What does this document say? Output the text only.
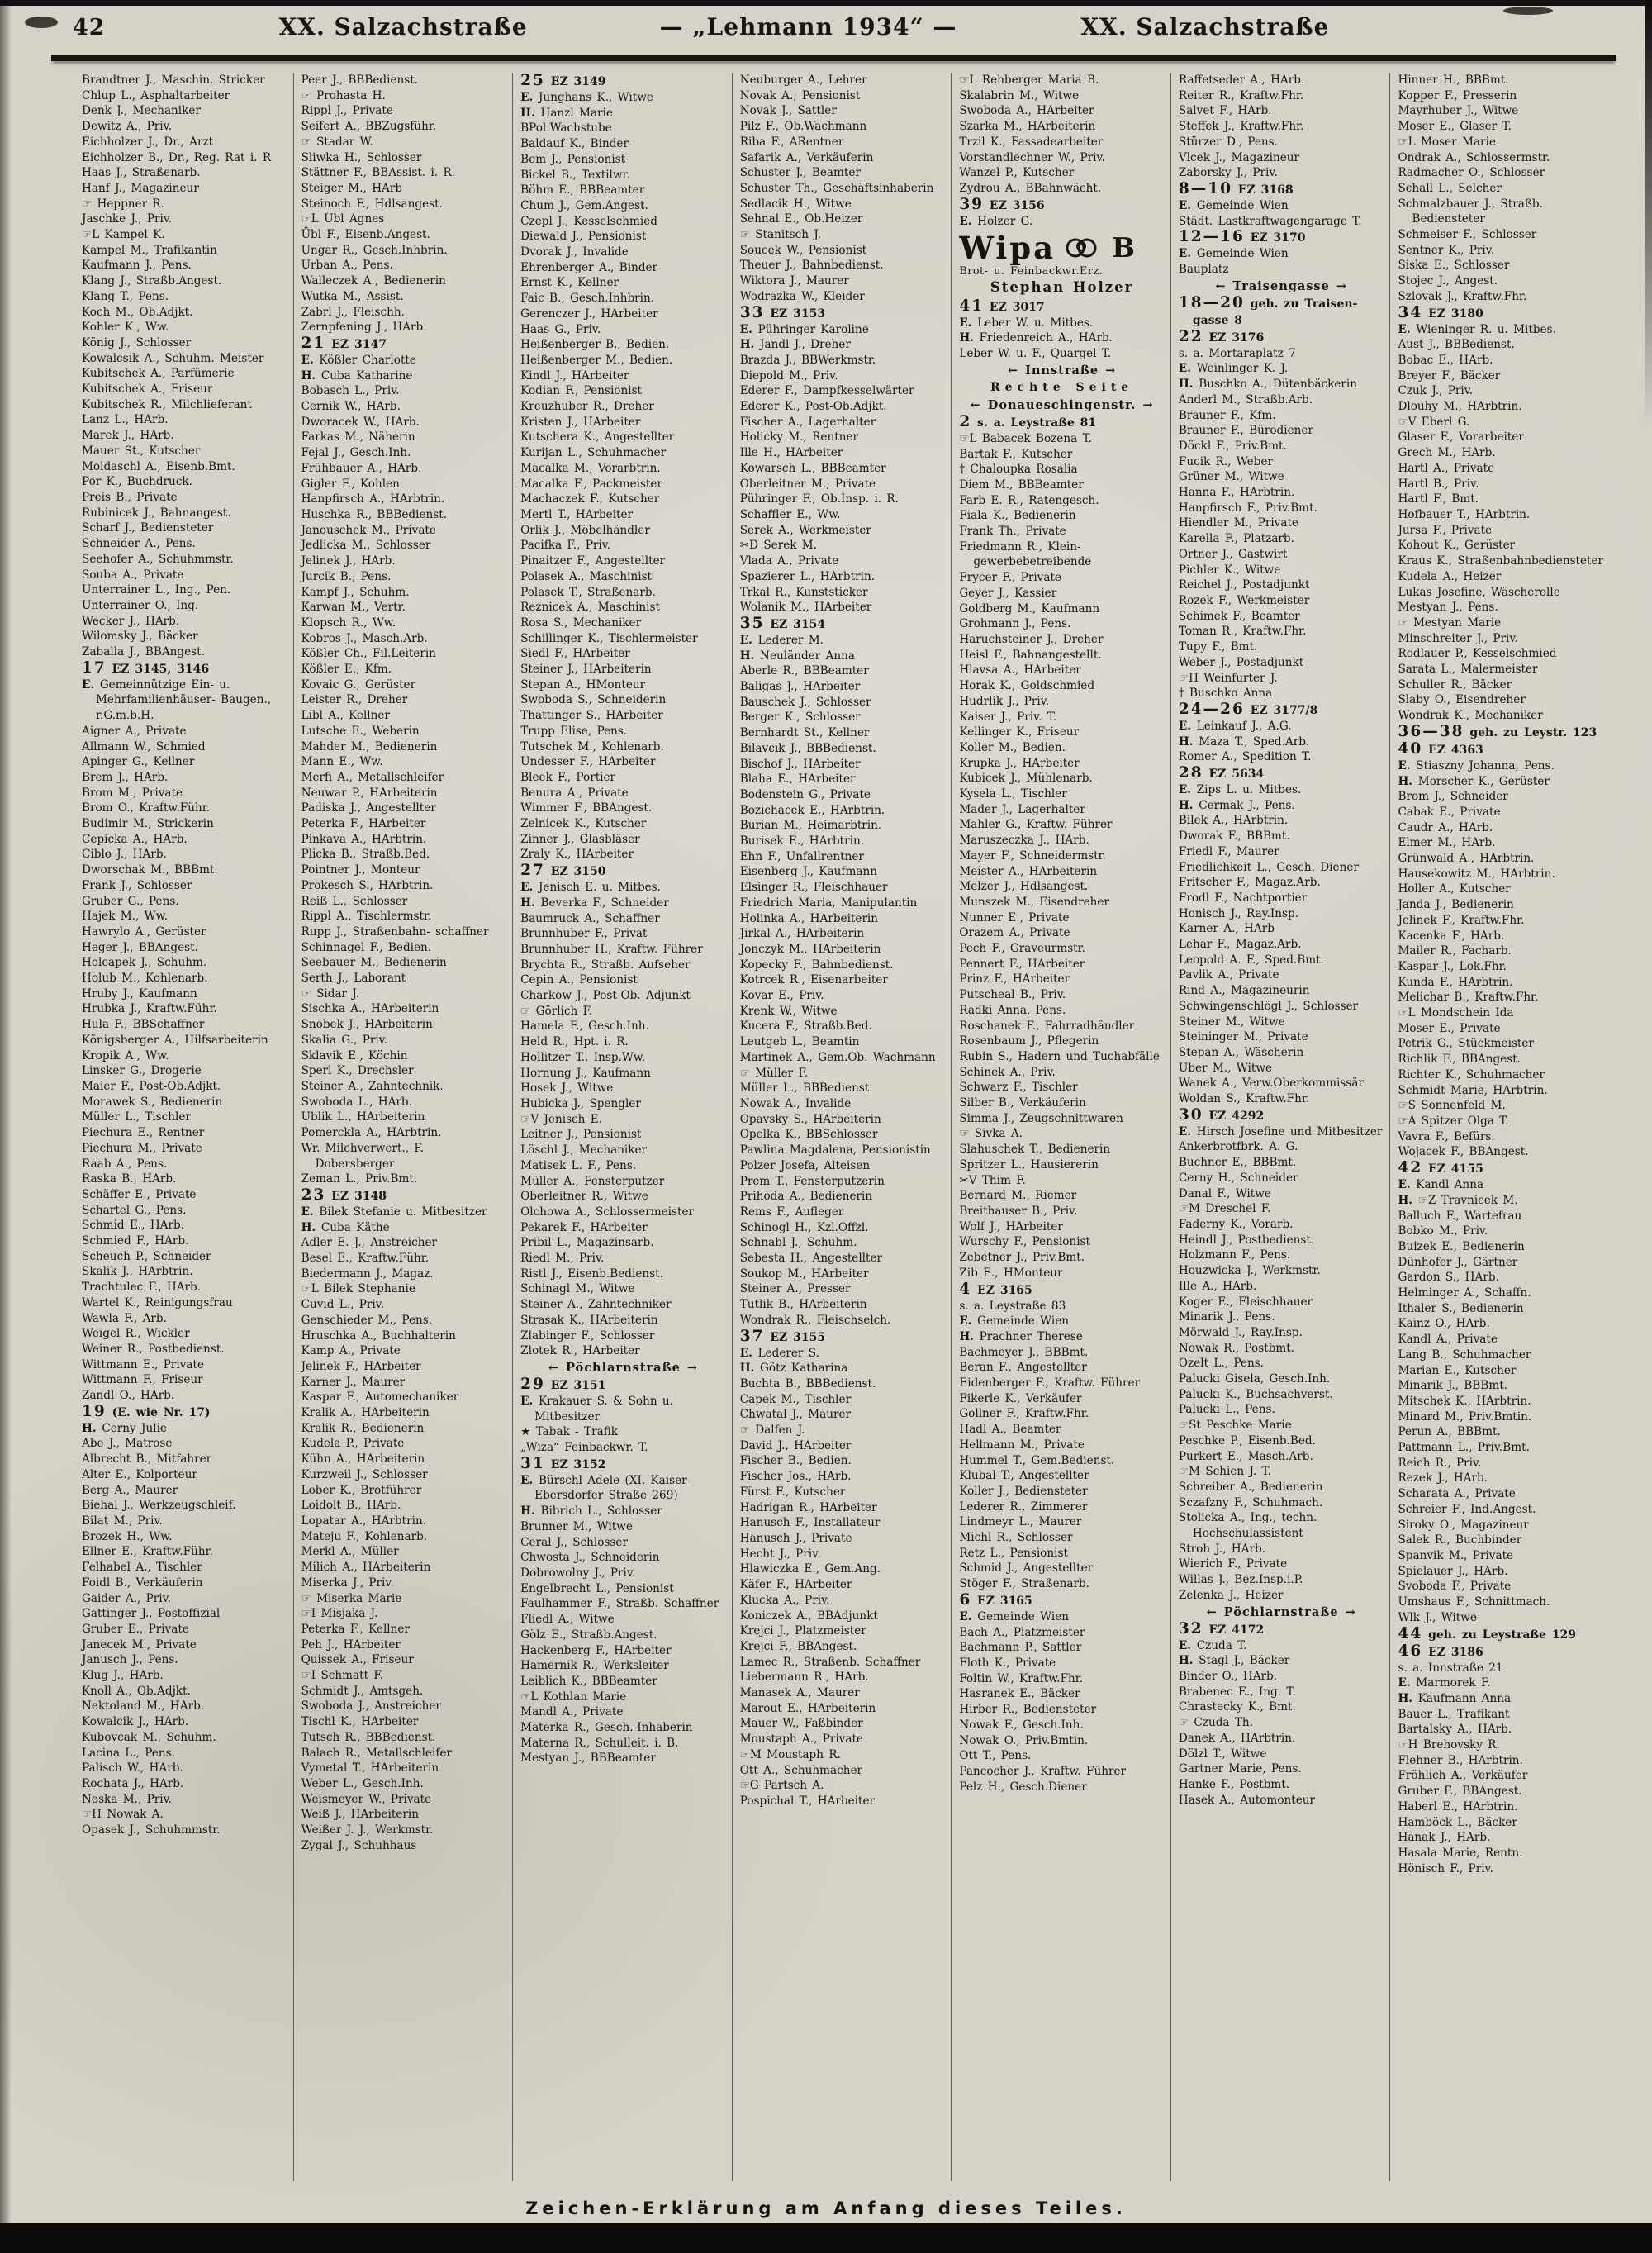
42	XX. Salzachstraße	— „Lehmann 1934“ —	XX. Salzachstraße
Brandtner J., Maschin. Stricker
Chlup L., Asphaltarbeiter
Denk J., Mechaniker
Dewitz A., Priv.
Eichholzer J., Dr., Arzt
Eichholzer B., Dr., Reg. Rat i. R
Haas J., Straßenarb.
Hanf J., Magazineur
☞ Heppner R.
Jaschke J., Priv.
☞L Kampel K.
Kampel M., Trafikantin
Kaufmann J., Pens.
Klang J., Straßb.Angest.
Klang T., Pens.
Koch M., Ob.Adjkt.
Kohler K., Ww.
König J., Schlosser
Kowalcsik A., Schuhm. Meister
Kubitschek A., Parfümerie
Kubitschek A., Friseur
Kubitschek R., Milchlieferant
Lanz L., HArb.
Marek J., HArb.
Mauer St., Kutscher
Moldaschl A., Eisenb.Bmt.
Por K., Buchdruck.
Preis B., Private
Rubinicek J., Bahnangest.
Scharf J., Bediensteter
Schneider A., Pens.
Seehofer A., Schuhmmstr.
Souba A., Private
Unterrainer L., Ing., Pen.
Unterrainer O., Ing.
Wecker J., HArb.
Wilomsky J., Bäcker
Zaballa J., BBAngest.
17 EZ 3145, 3146
E. Gemeinnützige Ein- u. Mehrfamilienhäuser- Baugen., r.G.m.b.H.
Aigner A., Private
Allmann W., Schmied
Apinger G., Kellner
Brem J., HArb.
Brom M., Private
Brom O., Kraftw.Führ.
Budimir M., Strickerin
Cepicka A., HArb.
Ciblo J., HArb.
Dworschak M., BBBmt.
Frank J., Schlosser
Gruber G., Pens.
Hajek M., Ww.
Hawrylo A., Gerüster
Heger J., BBAngest.
Holcapek J., Schuhm.
Holub M., Kohlenarb.
Hruby J., Kaufmann
Hrubka J., Kraftw.Führ.
Hula F., BBSchaffner
Königsberger A., Hilfsarbeiterin
Kropik A., Ww.
Linsker G., Drogerie
Maier F., Post-Ob.Adjkt.
Morawek S., Bedienerin
Müller L., Tischler
Piechura E., Rentner
Piechura M., Private
Raab A., Pens.
Raska B., HArb.
Schäffer E., Private
Schartel G., Pens.
Schmid E., HArb.
Schmied F., HArb.
Scheuch P., Schneider
Skalik J., HArbtrin.
Trachtulec F., HArb.
Wartel K., Reinigungsfrau
Wawla F., Arb.
Weigel R., Wickler
Weiner R., Postbedienst.
Wittmann E., Private
Wittmann F., Friseur
Zandl O., HArb.
19 (E. wie Nr. 17)
H. Cerny Julie
Abe J., Matrose
Albrecht B., Mitfahrer
Alter E., Kolporteur
Berg A., Maurer
Biehal J., Werkzeugschleif.
Bilat M., Priv.
Brozek H., Ww.
Ellner E., Kraftw.Führ.
Felhabel A., Tischler
Foidl B., Verkäuferin
Gaider A., Priv.
Gattinger J., Postoffizial
Gruber E., Private
Janecek M., Private
Janusch J., Pens.
Klug J., HArb.
Knoll A., Ob.Adjkt.
Nektoland M., HArb.
Kowalcik J., HArb.
Kubovcak M., Schuhm.
Lacina L., Pens.
Palisch W., HArb.
Rochata J., HArb.
Noska M., Priv.
☞H Nowak A.
Opasek J., Schuhmmstr.
Peer J., BBBedienst.
☞ Prohasta H.
Rippl J., Private
Seifert A., BBZugsführ.
☞ Stadar W.
Sliwka H., Schlosser
Stättner F., BBAssist. i. R.
Steiger M., HArb
Steinoch F., Hdlsangest.
☞L Übl Agnes
Übl F., Eisenb.Angest.
Ungar R., Gesch.Inhbrin.
Urban A., Pens.
Walleczek A., Bedienerin
Wutka M., Assist.
Zabrl J., Fleischh.
Zernpfening J., HArb.
21 EZ 3147
E. Kößler Charlotte
H. Cuba Katharine
Bobasch L., Priv.
Cernik W., HArb.
Dworacek W., HArb.
Farkas M., Näherin
Fejal J., Gesch.Inh.
Frühbauer A., HArb.
Gigler F., Kohlen
Hanpfirsch A., HArbtrin.
Huschka R., BBBedienst.
Janouschek M., Private
Jedlicka M., Schlosser
Jelinek J., HArb.
Jurcik B., Pens.
Kampf J., Schuhm.
Karwan M., Vertr.
Klopsch R., Ww.
Kobros J., Masch.Arb.
Kößler Ch., Fil.Leiterin
Kößler E., Kfm.
Kovaic G., Gerüster
Leister R., Dreher
Libl A., Kellner
Lutsche E., Weberin
Mahder M., Bedienerin
Mann E., Ww.
Merfi A., Metallschleifer
Neuwar P., HArbeiterin
Padiska J., Angestellter
Peterka F., HArbeiter
Pinkava A., HArbtrin.
Plicka B., Straßb.Bed.
Pointner J., Monteur
Prokesch S., HArbtrin.
Reiß L., Schlosser
Rippl A., Tischlermstr.
Rupp J., Straßenbahn- schaffner
Schinnagel F., Bedien.
Seebauer M., Bedienerin
Serth J., Laborant
☞ Sidar J.
Sischka A., HArbeiterin
Snobek J., HArbeiterin
Skalia G., Priv.
Sklavik E., Köchin
Sperl K., Drechsler
Steiner A., Zahntechnik.
Swoboda L., HArb.
Ublik L., HArbeiterin
Pomerckla A., HArbtrin.
Wr. Milchverwert., F. Dobersberger
Zeman L., Priv.Bmt.
23 EZ 3148
E. Bilek Stefanie u. Mitbesitzer
H. Cuba Käthe
Adler E. J., Anstreicher
Besel E., Kraftw.Führ.
Biedermann J., Magaz.
☞L Bilek Stephanie
Cuvid L., Priv.
Genschieder M., Pens.
Hruschka A., Buchhalterin
Kamp A., Private
Jelinek F., HArbeiter
Karner J., Maurer
Kaspar F., Automechaniker
Kralik A., HArbeiterin
Kralik R., Bedienerin
Kudela P., Private
Kühn A., HArbeiterin
Kurzweil J., Schlosser
Lober K., Brotführer
Loidolt B., HArb.
Lopatar A., HArbtrin.
Mateju F., Kohlenarb.
Merkl A., Müller
Milich A., HArbeiterin
Miserka J., Priv.
☞ Miserka Marie
☞I Misjaka J.
Peterka F., Kellner
Peh J., HArbeiter
Quissek A., Friseur
☞I Schmatt F.
Schmidt J., Amtsgeh.
Swoboda J., Anstreicher
Tischl K., HArbeiter
Tutsch R., BBBedienst.
Balach R., Metallschleifer
Vymetal T., HArbeiterin
Weber L., Gesch.Inh.
Weismeyer W., Private
Weiß J., HArbeiterin
Weißer J. J., Werkmstr.
Zygal J., Schuhhaus
25 EZ 3149
E. Junghans K., Witwe
H. Hanzl Marie
BPol.Wachstube
Baldauf K., Binder
Bem J., Pensionist
Bickel B., Textilwr.
Böhm E., BBBeamter
Chum J., Gem.Angest.
Czepl J., Kesselschmied
Diewald J., Pensionist
Dvorak J., Invalide
Ehrenberger A., Binder
Ernst K., Kellner
Faic B., Gesch.Inhbrin.
Gerenczer J., HArbeiter
Haas G., Priv.
Heißenberger B., Bedien.
Heißenberger M., Bedien.
Kindl J., HArbeiter
Kodian F., Pensionist
Kreuzhuber R., Dreher
Kristen J., HArbeiter
Kutschera K., Angestellter
Kurijan L., Schuhmacher
Macalka M., Vorarbtrin.
Macalka F., Packmeister
Machaczek F., Kutscher
Mertl T., HArbeiter
Orlik J., Möbelhändler
Pacifka F., Priv.
Pinaitzer F., Angestellter
Polasek A., Maschinist
Polasek T., Straßenarb.
Reznicek A., Maschinist
Rosa S., Mechaniker
Schillinger K., Tischlermeister
Siedl F., HArbeiter
Steiner J., HArbeiterin
Stepan A., HMonteur
Swoboda S., Schneiderin
Thattinger S., HArbeiter
Trupp Elise, Pens.
Tutschek M., Kohlenarb.
Undesser F., HArbeiter
Bleek F., Portier
Benura A., Private
Wimmer F., BBAngest.
Zelnicek K., Kutscher
Zinner J., Glasbläser
Zraly K., HArbeiter
27 EZ 3150
E. Jenisch E. u. Mitbes.
H. Beverka F., Schneider
Baumruck A., Schaffner
Brunnhuber F., Privat
Brunnhuber H., Kraftw. Führer
Brychta R., Straßb. Aufseher
Cepin A., Pensionist
Charkow J., Post-Ob. Adjunkt
☞ Görlich F.
Hamela F., Gesch.Inh.
Held R., Hpt. i. R.
Hollitzer T., Insp.Ww.
Hornung J., Kaufmann
Hosek J., Witwe
Hubicka J., Spengler
☞V Jenisch E.
Leitner J., Pensionist
Löschl J., Mechaniker
Matisek L. F., Pens.
Müller A., Fensterputzer
Oberleitner R., Witwe
Olchowa A., Schlossermeister
Pekarek F., HArbeiter
Pribil L., Magazinsarb.
Riedl M., Priv.
Ristl J., Eisenb.Bedienst.
Schinagl M., Witwe
Steiner A., Zahntechniker
Strasak K., HArbeiterin
Zlabinger F., Schlosser
Zlotek R., HArbeiter
← Pöchlarnstraße →
29 EZ 3151
E. Krakauer S. & Sohn u. Mitbesitzer
★ Tabak - Trafik
„Wiza“ Feinbackwr. T.
31 EZ 3152
E. Bürschl Adele (XI. Kaiser-Ebersdorfer Straße 269)
H. Bibrich L., Schlosser
Brunner M., Witwe
Ceral J., Schlosser
Chwosta J., Schneiderin
Dobrowolny J., Priv.
Engelbrecht L., Pensionist
Faulhammer F., Straßb. Schaffner
Fliedl A., Witwe
Gölz E., Straßb.Angest.
Hackenberg F., HArbeiter
Hamernik R., Werksleiter
Leiblich K., BBBeamter
☞L Kothlan Marie
Mandl A., Private
Materka R., Gesch.-Inhaberin
Materna R., Schulleit. i. B.
Mestyan J., BBBeamter
Neuburger A., Lehrer
Novak A., Pensionist
Novak J., Sattler
Pilz F., Ob.Wachmann
Riba F., ARentner
Safarik A., Verkäuferin
Schuster J., Beamter
Schuster Th., Geschäftsinhaberin
Sedlacik H., Witwe
Sehnal E., Ob.Heizer
☞ Stanitsch J.
Soucek W., Pensionist
Theuer J., Bahnbedienst.
Wiktora J., Maurer
Wodrazka W., Kleider
33 EZ 3153
E. Pühringer Karoline
H. Jandl J., Dreher
Brazda J., BBWerkmstr.
Diepold M., Priv.
Ederer F., Dampfkesselwärter
Ederer K., Post-Ob.Adjkt.
Fischer A., Lagerhalter
Holicky M., Rentner
Ille H., HArbeiter
Kowarsch L., BBBeamter
Oberleitner M., Private
Pühringer F., Ob.Insp. i. R.
Schaffler E., Ww.
Serek A., Werkmeister
✂D Serek M.
Vlada A., Private
Spazierer L., HArbtrin.
Trkal R., Kunststicker
Wolanik M., HArbeiter
35 EZ 3154
E. Lederer M.
H. Neuländer Anna
Aberle R., BBBeamter
Baligas J., HArbeiter
Bauschek J., Schlosser
Berger K., Schlosser
Bernhardt St., Kellner
Bilavcik J., BBBedienst.
Bischof J., HArbeiter
Blaha E., HArbeiter
Bodenstein G., Private
Bozichacek E., HArbtrin.
Burian M., Heimarbtrin.
Burisek E., HArbtrin.
Ehn F., Unfallrentner
Eisenberg J., Kaufmann
Elsinger R., Fleischhauer
Friedrich Maria, Manipulantin
Holinka A., HArbeiterin
Jirkal A., HArbeiterin
Jonczyk M., HArbeiterin
Kopecky F., Bahnbedienst.
Kotrcek R., Eisenarbeiter
Kovar E., Priv.
Krenk W., Witwe
Kucera F., Straßb.Bed.
Leutgeb L., Beamtin
Martinek A., Gem.Ob. Wachmann
☞ Müller F.
Müller L., BBBedienst.
Nowak A., Invalide
Opavsky S., HArbeiterin
Opelka K., BBSchlosser
Pawlina Magdalena, Pensionistin
Polzer Josefa, Alteisen
Prem T., Fensterputzerin
Prihoda A., Bedienerin
Rems F., Aufleger
Schinogl H., Kzl.Offzl.
Schnabl J., Schuhm.
Sebesta H., Angestellter
Soukop M., HArbeiter
Steiner A., Presser
Tutlik B., HArbeiterin
Wondrak R., Fleischselch.
37 EZ 3155
E. Lederer S.
H. Götz Katharina
Buchta B., BBBedienst.
Capek M., Tischler
Chwatal J., Maurer
☞ Dalfen J.
David J., HArbeiter
Fischer B., Bedien.
Fischer Jos., HArb.
Fürst F., Kutscher
Hadrigan R., HArbeiter
Hanusch F., Installateur
Hanusch J., Private
Hecht J., Priv.
Hlawiczka E., Gem.Ang.
Käfer F., HArbeiter
Klucka A., Priv.
Koniczek A., BBAdjunkt
Krejci J., Platzmeister
Krejci F., BBAngest.
Lamec R., Straßenb. Schaffner
Liebermann R., HArb.
Manasek A., Maurer
Marout E., HArbeiterin
Mauer W., Faßbinder
Moustaph A., Private
☞M Moustaph R.
Ott A., Schuhmacher
☞G Partsch A.
Pospichal T., HArbeiter
☞L Rehberger Maria B.
Skalabrin M., Witwe
Swoboda A., HArbeiter
Szarka M., HArbeiterin
Trzil K., Fassadearbeiter
Vorstandlechner W., Priv.
Wanzel P., Kutscher
Zydrou A., BBahnwächt.
39 EZ 3156
E. Holzer G.
Wipa B
Brot- u. Feinbackwr.Erz.
Stephan Holzer
41 EZ 3017
E. Leber W. u. Mitbes.
H. Friedenreich A., HArb.
Leber W. u. F., Quargel T.
← Innstraße →
Rechte Seite
← Donaueschingenstr. →
2 s. a. Leystraße 81
☞L Babacek Bozena T.
Bartak F., Kutscher
† Chaloupka Rosalia
Diem M., BBBeamter
Farb E. R., Ratengesch.
Fiala K., Bedienerin
Frank Th., Private
Friedmann R., Kleingewerbebetreibende
Frycer F., Private
Geyer J., Kassier
Goldberg M., Kaufmann
Grohmann J., Pens.
Haruchsteiner J., Dreher
Heisl F., Bahnangestellt.
Hlavsa A., HArbeiter
Horak K., Goldschmied
Hudrlik J., Priv.
Kaiser J., Priv. T.
Kellinger K., Friseur
Koller M., Bedien.
Krupka J., HArbeiter
Kubicek J., Mühlenarb.
Kysela L., Tischler
Mader J., Lagerhalter
Mahler G., Kraftw. Führer
Maruszeczka J., HArb.
Mayer F., Schneidermstr.
Meister A., HArbeiterin
Melzer J., Hdlsangest.
Munszek M., Eisendreher
Nunner E., Private
Orazem A., Private
Pech F., Graveurmstr.
Pennert F., HArbeiter
Prinz F., HArbeiter
Putscheal B., Priv.
Radki Anna, Pens.
Roschanek F., Fahrradhändler
Rosenbaum J., Pflegerin
Rubin S., Hadern und Tuchabfälle
Schinek A., Priv.
Schwarz F., Tischler
Silber B., Verkäuferin
Simma J., Zeugschnittwaren
☞ Sivka A.
Slahuschek T., Bedienerin
Spritzer L., Hausiererin
✂V Thim F.
Bernard M., Riemer
Breithauser B., Priv.
Wolf J., HArbeiter
Wurschy F., Pensionist
Zebetner J., Priv.Bmt.
Zib E., HMonteur
4 EZ 3165
s. a. Leystraße 83
E. Gemeinde Wien
H. Prachner Therese
Bachmeyer J., BBBmt.
Beran F., Angestellter
Eidenberger F., Kraftw. Führer
Fikerle K., Verkäufer
Gollner F., Kraftw.Fhr.
Hadl A., Beamter
Hellmann M., Private
Hummel T., Gem.Bedienst.
Klubal T., Angestellter
Koller J., Bediensteter
Lederer R., Zimmerer
Lindmeyr L., Maurer
Michl R., Schlosser
Retz L., Pensionist
Schmid J., Angestellter
Stöger F., Straßenarb.
6 EZ 3165
E. Gemeinde Wien
Bach A., Platzmeister
Bachmann P., Sattler
Floth K., Private
Foltin W., Kraftw.Fhr.
Hasranek E., Bäcker
Hirber R., Bediensteter
Nowak F., Gesch.Inh.
Nowak O., Priv.Bmtin.
Ott T., Pens.
Pancocher J., Kraftw. Führer
Pelz H., Gesch.Diener
Raffetseder A., HArb.
Reiter R., Kraftw.Fhr.
Salvet F., HArb.
Steffek J., Kraftw.Fhr.
Stürzer D., Pens.
Vlcek J., Magazineur
Zaborsky J., Priv.
8—10 EZ 3168
E. Gemeinde Wien
Städt. Lastkraftwagengarage T.
12—16 EZ 3170
E. Gemeinde Wien
Bauplatz
← Traisengasse →
18—20 geh. zu Traisengasse 8
22 EZ 3176
s. a. Mortaraplatz 7
E. Weinlinger K. J.
H. Buschko A., Dütenbäckerin
Anderl M., Straßb.Arb.
Brauner F., Kfm.
Brauner F., Bürodiener
Döckl F., Priv.Bmt.
Fucik R., Weber
Grüner M., Witwe
Hanna F., HArbtrin.
Hanpfirsch F., Priv.Bmt.
Hiendler M., Private
Karella F., Platzarb.
Ortner J., Gastwirt
Pichler K., Witwe
Reichel J., Postadjunkt
Rozek F., Werkmeister
Schimek F., Beamter
Toman R., Kraftw.Fhr.
Tupy F., Bmt.
Weber J., Postadjunkt
☞H Weinfurter J.
† Buschko Anna
24—26 EZ 3177/8
E. Leinkauf J., A.G.
H. Maza T., Sped.Arb.
Romer A., Spedition T.
28 EZ 5634
E. Zips L. u. Mitbes.
H. Cermak J., Pens.
Bilek A., HArbtrin.
Dworak F., BBBmt.
Friedl F., Maurer
Friedlichkeit L., Gesch. Diener
Fritscher F., Magaz.Arb.
Frodl F., Nachtportier
Honisch J., Ray.Insp.
Karner A., HArb
Lehar F., Magaz.Arb.
Leopold A. F., Sped.Bmt.
Pavlik A., Private
Rind A., Magazineurin
Schwingenschlögl J., Schlosser
Steiner M., Witwe
Steininger M., Private
Stepan A., Wäscherin
Uber M., Witwe
Wanek A., Verw.Oberkommissär
Woldan S., Kraftw.Fhr.
30 EZ 4292
E. Hirsch Josefine und Mitbesitzer
Ankerbrotfbrk. A. G.
Buchner E., BBBmt.
Cerny H., Schneider
Danal F., Witwe
☞M Dreschel F.
Faderny K., Vorarb.
Heindl J., Postbedienst.
Holzmann F., Pens.
Houzwicka J., Werkmstr.
Ille A., HArb.
Koger E., Fleischhauer
Minarik J., Pens.
Mörwald J., Ray.Insp.
Nowak R., Postbmt.
Ozelt L., Pens.
Palucki Gisela, Gesch.Inh.
Palucki K., Buchsachverst.
Palucki L., Pens.
☞St Peschke Marie
Peschke P., Eisenb.Bed.
Purkert E., Masch.Arb.
☞M Schien J. T.
Schreiber A., Bedienerin
Sczafzny F., Schuhmach.
Stolicka A., Ing., techn. Hochschulassistent
Stroh J., HArb.
Wierich F., Private
Willas J., Bez.Insp.i.P.
Zelenka J., Heizer
← Pöchlarnstraße →
32 EZ 4172
E. Czuda T.
H. Stagl J., Bäcker
Binder O., HArb.
Brabenec E., Ing. T.
Chrastecky K., Bmt.
☞ Czuda Th.
Danek A., HArbtrin.
Dölzl T., Witwe
Gartner Marie, Pens.
Hanke F., Postbmt.
Hasek A., Automonteur
Hinner H., BBBmt.
Kopper F., Presserin
Mayrhuber J., Witwe
Moser E., Glaser T.
☞L Moser Marie
Ondrak A., Schlossermstr.
Radmacher O., Schlosser
Schall L., Selcher
Schmalzbauer J., Straßb. Bediensteter
Schmeiser F., Schlosser
Sentner K., Priv.
Siska E., Schlosser
Stojec J., Angest.
Szlovak J., Kraftw.Fhr.
34 EZ 3180
E. Wieninger R. u. Mitbes.
Aust J., BBBedienst.
Bobac E., HArb.
Breyer F., Bäcker
Czuk J., Priv.
Dlouhy M., HArbtrin.
☞V Eberl G.
Glaser F., Vorarbeiter
Grech M., HArb.
Hartl A., Private
Hartl B., Priv.
Hartl F., Bmt.
Hofbauer T., HArbtrin.
Jursa F., Private
Kohout K., Gerüster
Kraus K., Straßenbahnbediensteter
Kudela A., Heizer
Lukas Josefine, Wäscherolle
Mestyan J., Pens.
☞ Mestyan Marie
Minschreiter J., Priv.
Rodlauer P., Kesselschmied
Sarata L., Malermeister
Schuller R., Bäcker
Slaby O., Eisendreher
Wondrak K., Mechaniker
36—38 geh. zu Leystr. 123
40 EZ 4363
E. Stiaszny Johanna, Pens.
H. Morscher K., Gerüster
Brom J., Schneider
Cabak E., Private
Caudr A., HArb.
Elmer M., HArb.
Grünwald A., HArbtrin.
Hausekowitz M., HArbtrin.
Holler A., Kutscher
Janda J., Bedienerin
Jelinek F., Kraftw.Fhr.
Kacenka F., HArb.
Mailer R., Facharb.
Kaspar J., Lok.Fhr.
Kunda F., HArbtrin.
Melichar B., Kraftw.Fhr.
☞L Mondschein Ida
Moser E., Private
Petrik G., Stückmeister
Richlik F., BBAngest.
Richter K., Schuhmacher
Schmidt Marie, HArbtrin.
☞S Sonnenfeld M.
☞A Spitzer Olga T.
Vavra F., Befürs.
Wojacek F., BBAngest.
42 EZ 4155
E. Kandl Anna
H. ☞Z Travnicek M.
Balluch F., Wartefrau
Bobko M., Priv.
Buizek E., Bedienerin
Dünhofer J., Gärtner
Gardon S., HArb.
Helminger A., Schaffn.
Ithaler S., Bedienerin
Kainz O., HArb.
Kandl A., Private
Lang B., Schuhmacher
Marian E., Kutscher
Minarik J., BBBmt.
Mitschek K., HArbtrin.
Minard M., Priv.Bmtin.
Perun A., BBBmt.
Pattmann L., Priv.Bmt.
Reich R., Priv.
Rezek J., HArb.
Scharata A., Private
Schreier F., Ind.Angest.
Siroky O., Magazineur
Salek R., Buchbinder
Spanvik M., Private
Spielauer J., HArb.
Svoboda F., Private
Umshaus F., Schnittmach.
Wlk J., Witwe
44 geh. zu Leystraße 129
46 EZ 3186
s. a. Innstraße 21
E. Marmorek F.
H. Kaufmann Anna
Bauer L., Trafikant
Bartalsky A., HArb.
☞H Brehovsky R.
Flehner B., HArbtrin.
Fröhlich A., Verkäufer
Gruber F., BBAngest.
Haberl E., HArbtrin.
Hamböck L., Bäcker
Hanak J., HArb.
Hasala Marie, Rentn.
Hönisch F., Priv.
Zeichen-Erklärung am Anfang dieses Teiles.
